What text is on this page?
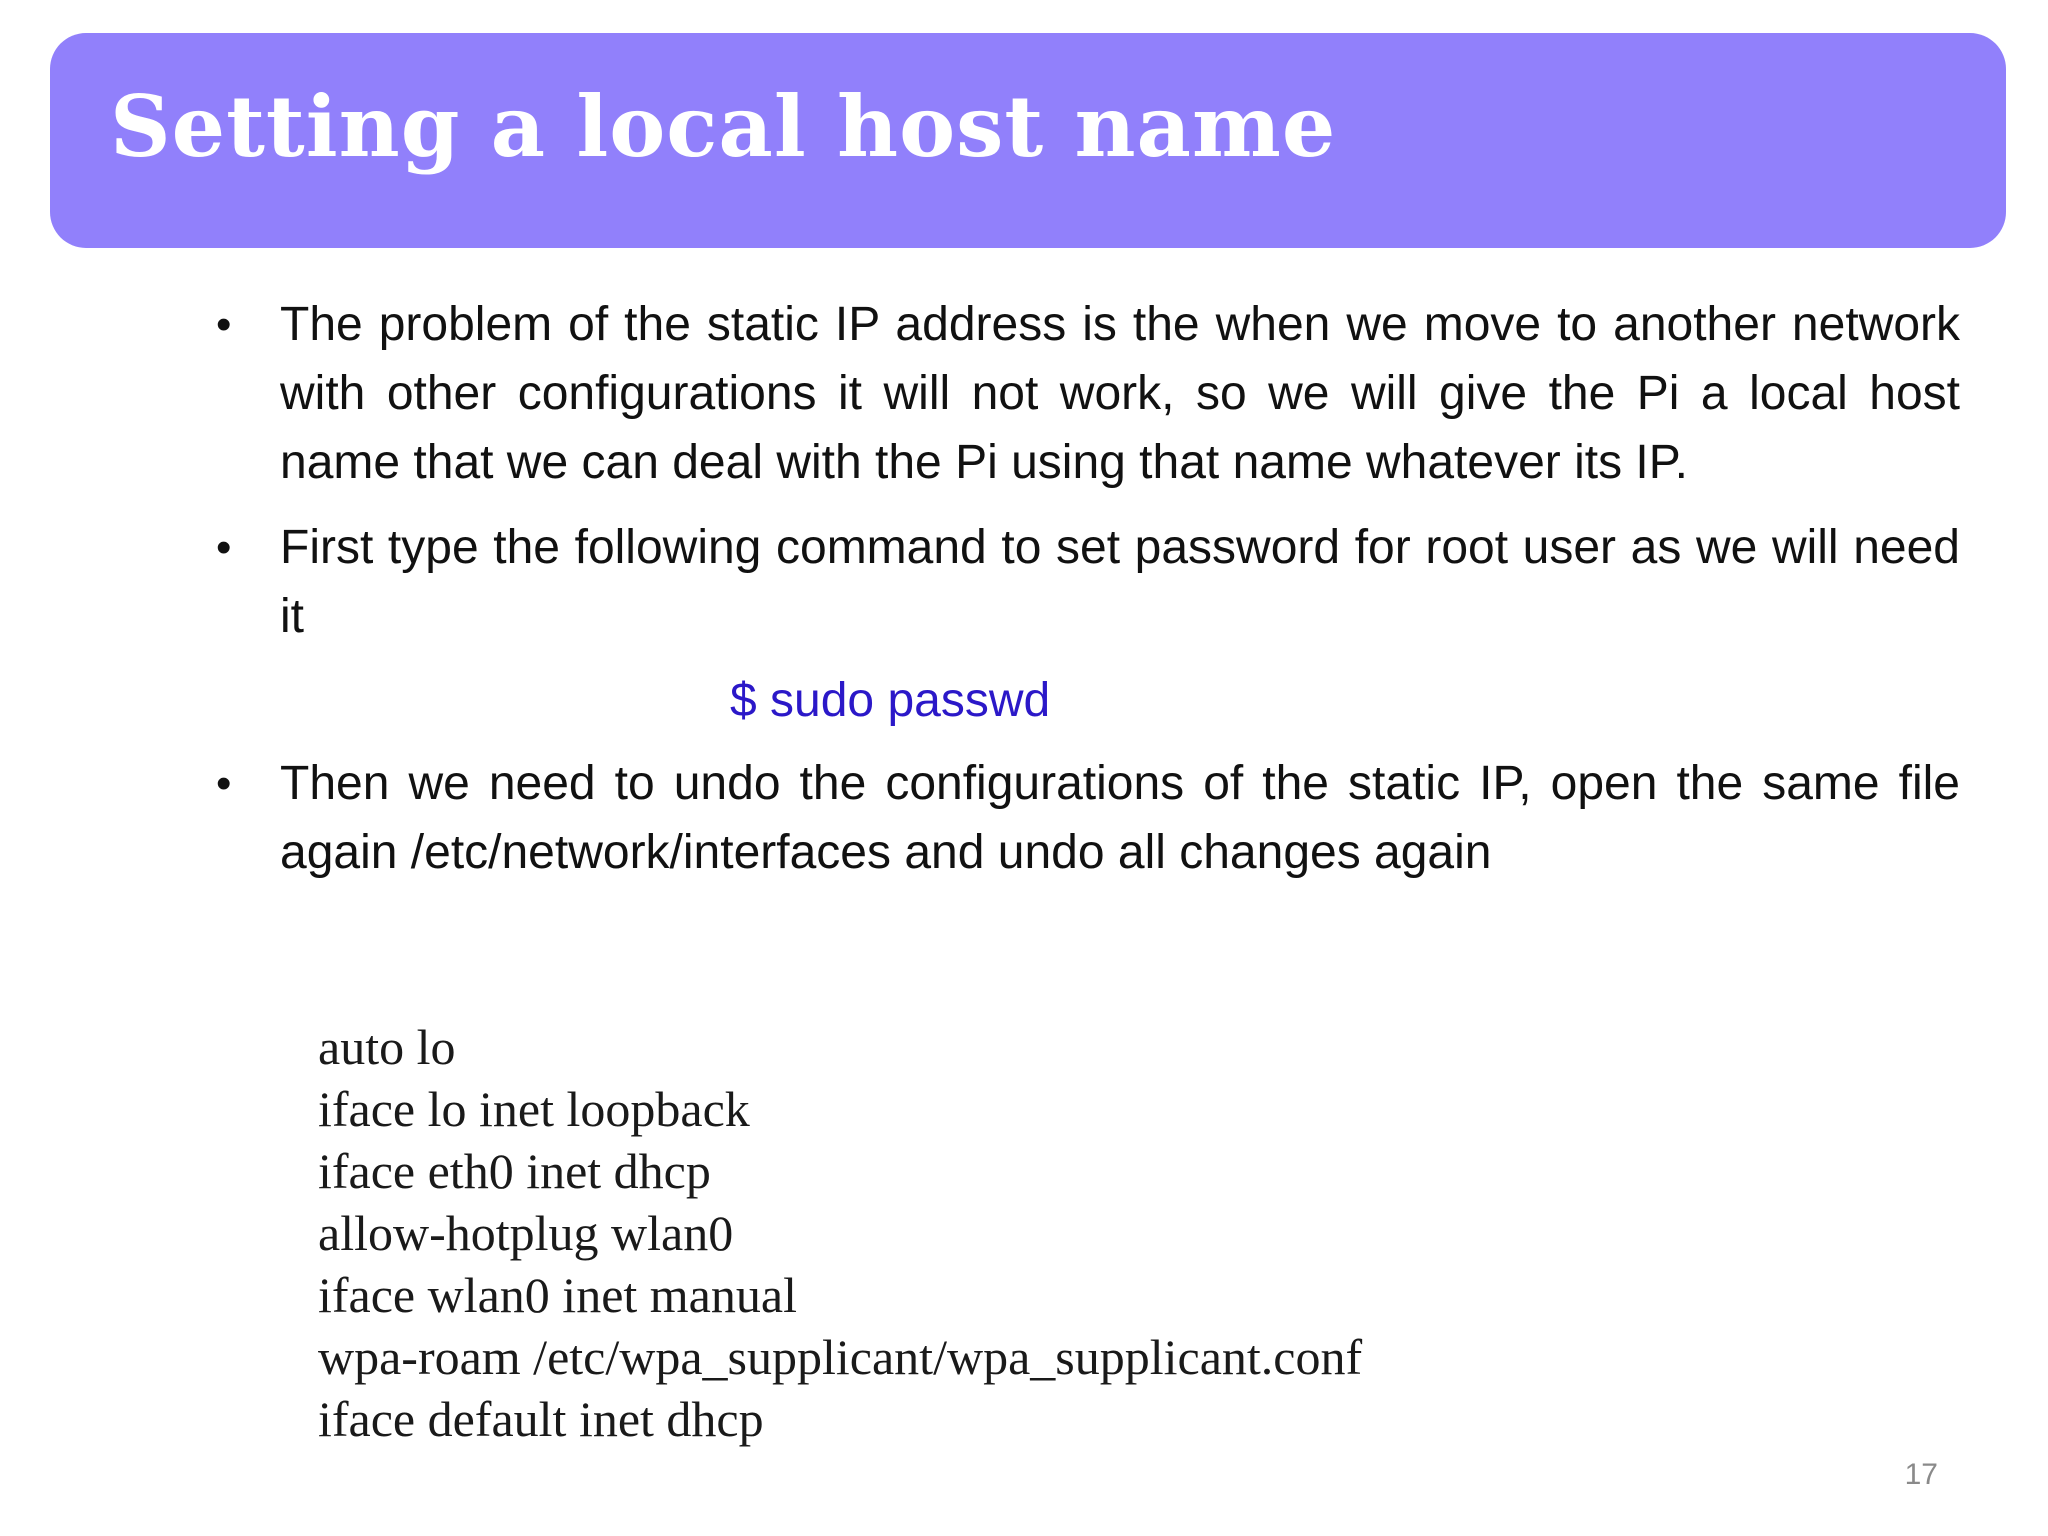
Setting a local host name
• The problem of the static IP address is the when we move to another network with other configurations it will not work, so we will give the Pi a local host name that we can deal with the Pi using that name whatever its IP.
• First type the following command to set password for root user as we will need it
$ sudo passwd
• Then we need to undo the configurations of the static IP, open the same file again /etc/network/interfaces and undo all changes again
auto lo
iface lo inet loopback
iface eth0 inet dhcp
allow-hotplug wlan0
iface wlan0 inet manual
wpa-roam /etc/wpa_supplicant/wpa_supplicant.conf
iface default inet dhcp
17
